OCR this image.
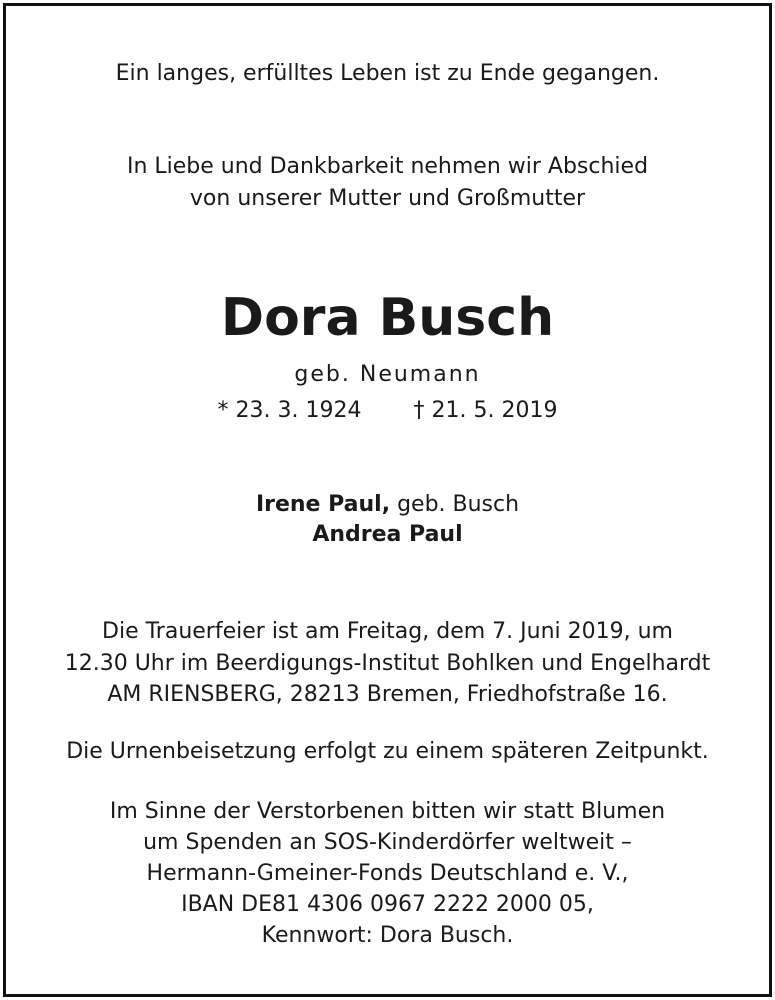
Ein langes, erfülltes Leben ist zu Ende gegangen.
In Liebe und Dankbarkeit nehmen wir Abschied
von unserer Mutter und Großmutter
Dora Busch
geb. Neumann
* 23. 3. 1924 † 21. 5. 2019
Irene Paul, geb. Busch
Andrea Paul
Die Trauerfeier ist am Freitag, dem 7. Juni 2019, um
12.30 Uhr im Beerdigungs-Institut Bohlken und Engelhardt
AM RIENSBERG, 28213 Bremen, Friedhofstraße 16.
Die Urnenbeisetzung erfolgt zu einem späteren Zeitpunkt.
Im Sinne der Verstorbenen bitten wir statt Blumen
um Spenden an SOS-Kinderdörfer weltweit –
Hermann-Gmeiner-Fonds Deutschland e. V.,
IBAN DE81 4306 0967 2222 2000 05,
Kennwort: Dora Busch.
